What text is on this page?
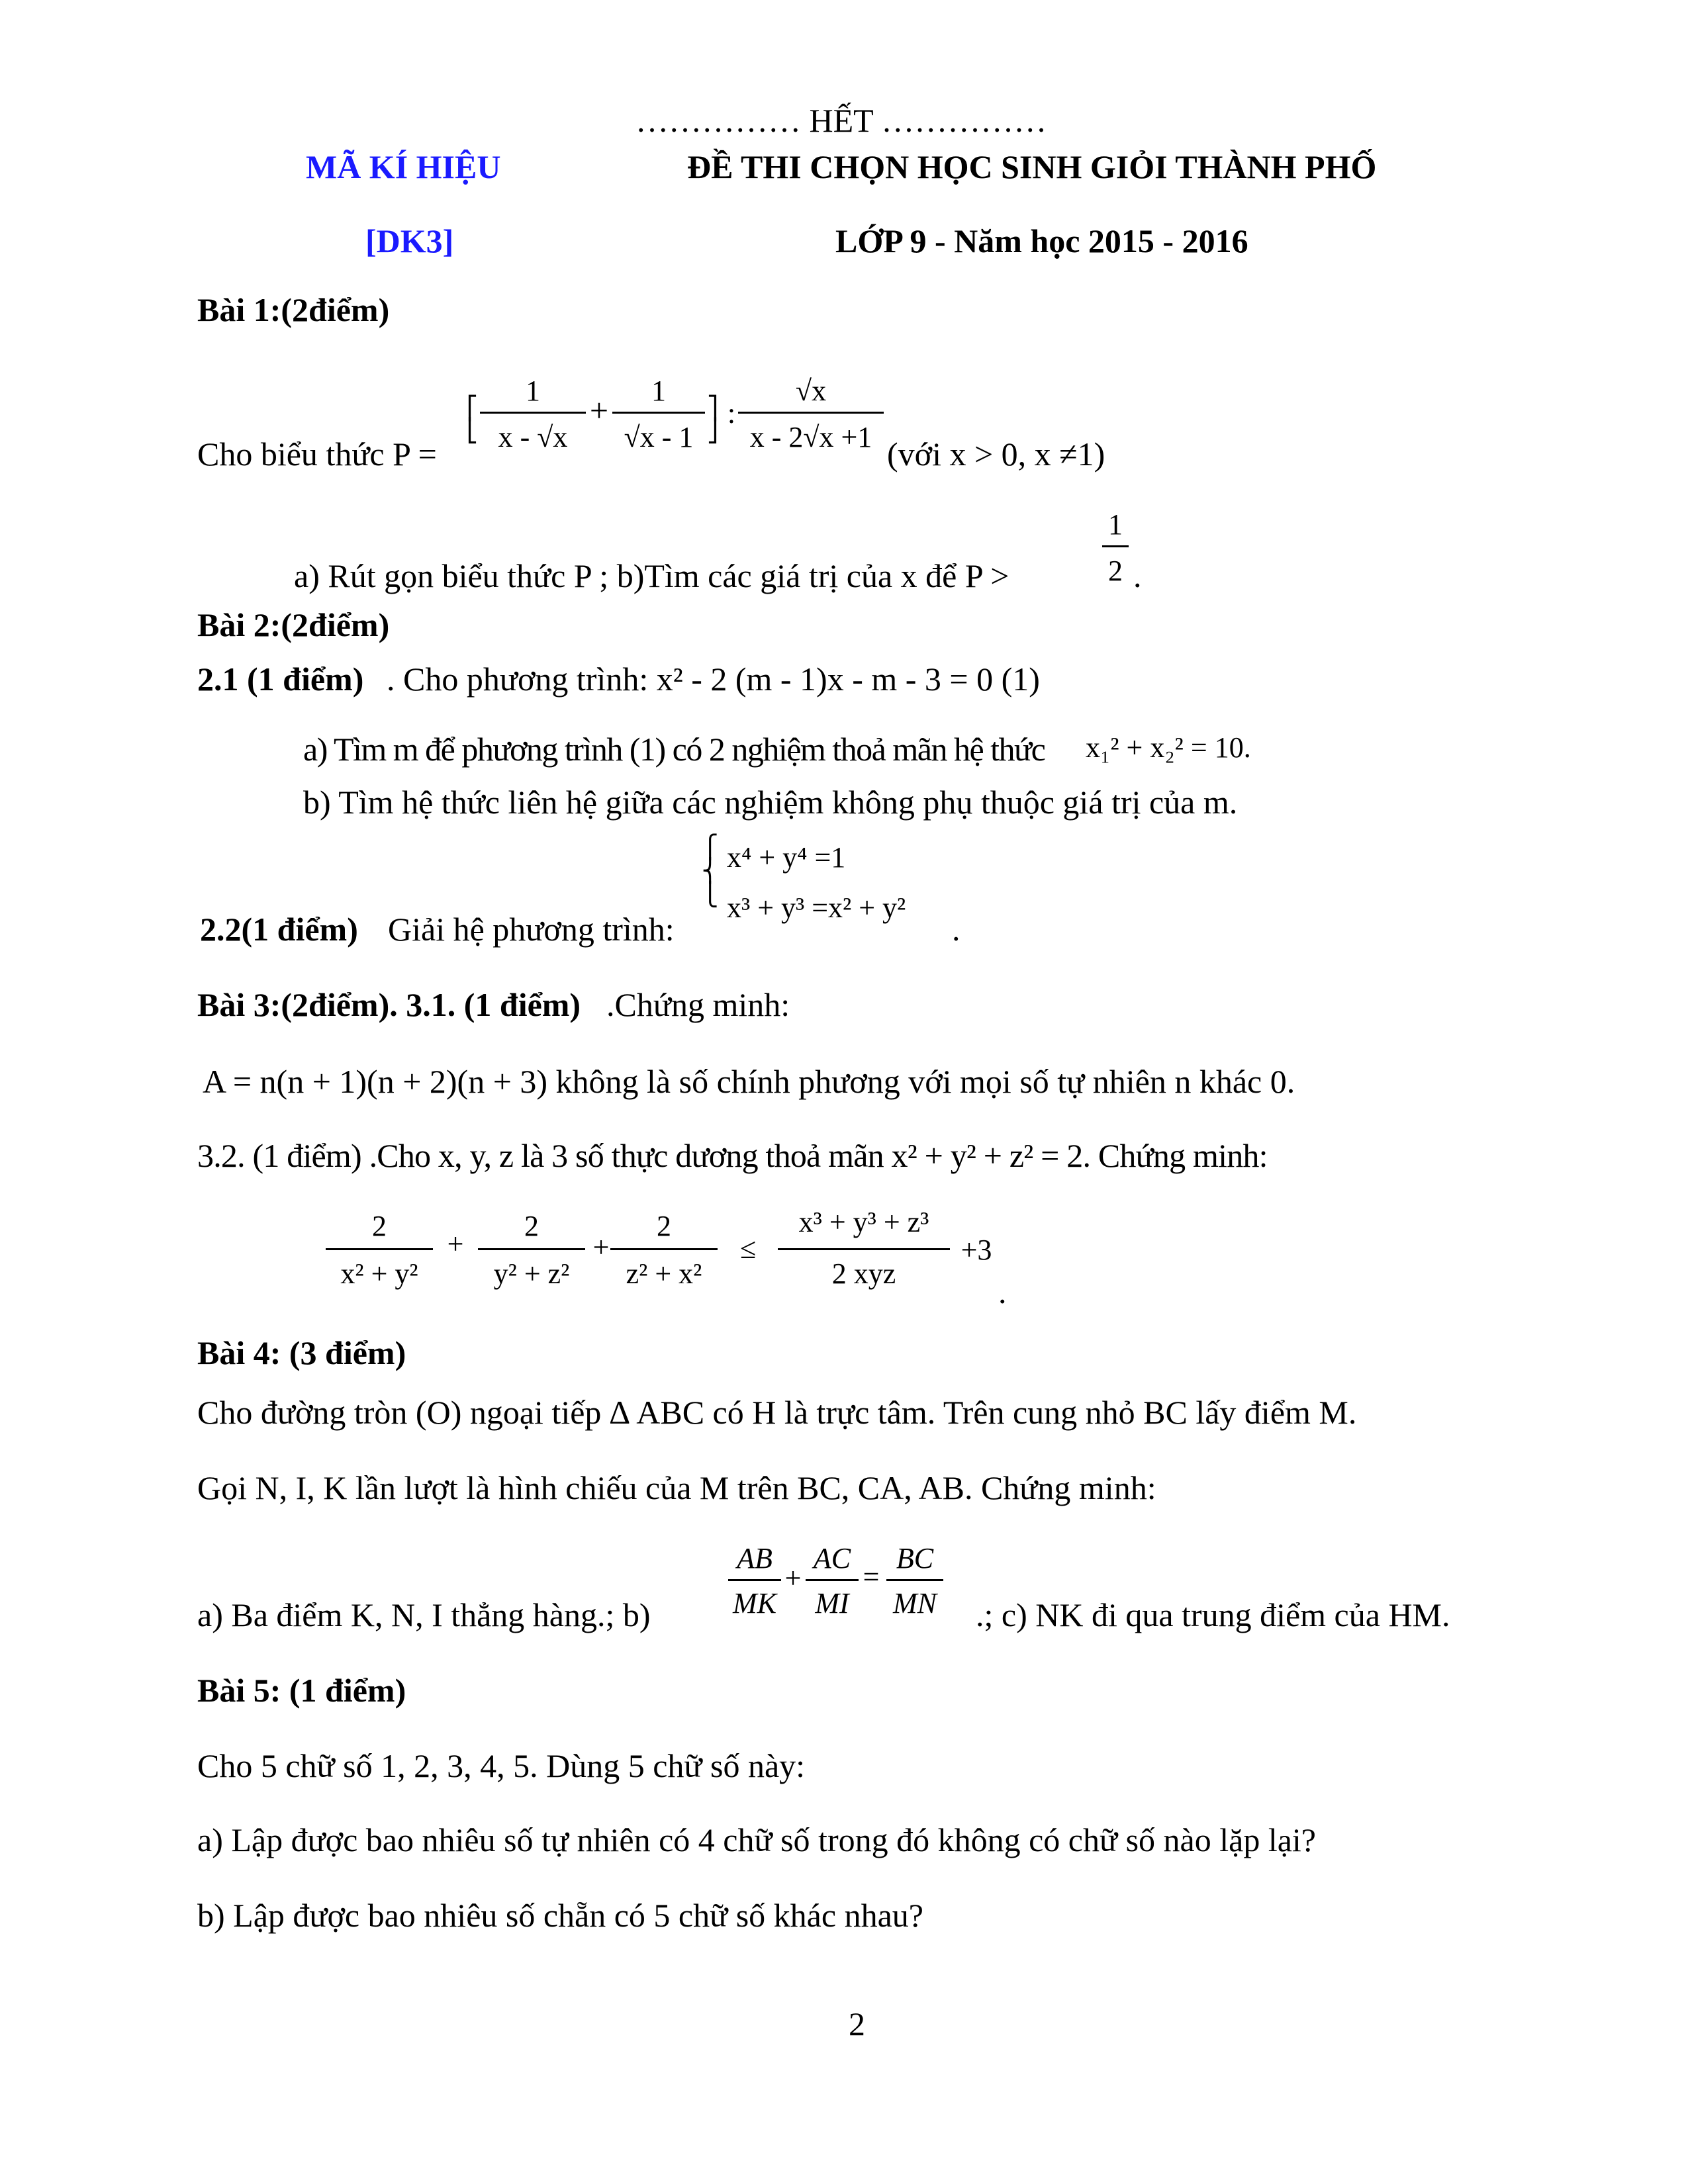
…………… HẾT ……………
MÃ KÍ HIỆU	ĐỀ THI CHỌN HỌC SINH GIỎI THÀNH PHỐ
[DK3]	LỚP 9 - Năm học 2015 - 2016
Bài 1:(2điểm)
Cho biểu thức P =
⎡
⎣
1
x - √x
+
1
√x - 1
⎤
⎦
:
√x
x - 2√x +1 (với x > 0, x ≠1)
a) Rút gọn biểu thức P ; b)Tìm các giá trị của x để P >
1
2 .
Bài 2:(2điểm)
2.1 (1 điểm) . Cho phương trình: x² - 2 (m - 1)x - m - 3 = 0 (1)
a) Tìm m để phương trình (1) có 2 nghiệm thoả mãn hệ thức x₁² + x₂² = 10.
b) Tìm hệ thức liên hệ giữa các nghiệm không phụ thuộc giá trị của m.
⎧
⎨
⎩
x⁴ + y⁴ =1
x³ + y³ =x² + y²
2.2(1 điểm) Giải hệ phương trình:	.
Bài 3:(2điểm). 3.1. (1 điểm) .Chứng minh:
A = n(n + 1)(n + 2)(n + 3) không là số chính phương với mọi số tự nhiên n khác 0.
3.2. (1 điểm) .Cho x, y, z là 3 số thực dương thoả mãn x² + y² + z² = 2. Chứng minh:
2
x² + y²
+
2
y² + z²
+
2
z² + x²
≤
x³ + y³ + z³
2 xyz
+3
.
Bài 4: (3 điểm)
Cho đường tròn (O) ngoại tiếp ∆ ABC có H là trực tâm. Trên cung nhỏ BC lấy điểm M.
Gọi N, I, K lần lượt là hình chiếu của M trên BC, CA, AB. Chứng minh:
a) Ba điểm K, N, I thẳng hàng.; b)
AB
MK
+
AC
MI
=
BC
MN	.; c) NK đi qua trung điểm của HM.
Bài 5: (1 điểm)
Cho 5 chữ số 1, 2, 3, 4, 5. Dùng 5 chữ số này:
a) Lập được bao nhiêu số tự nhiên có 4 chữ số trong đó không có chữ số nào lặp lại?
b) Lập được bao nhiêu số chẵn có 5 chữ số khác nhau?
2
